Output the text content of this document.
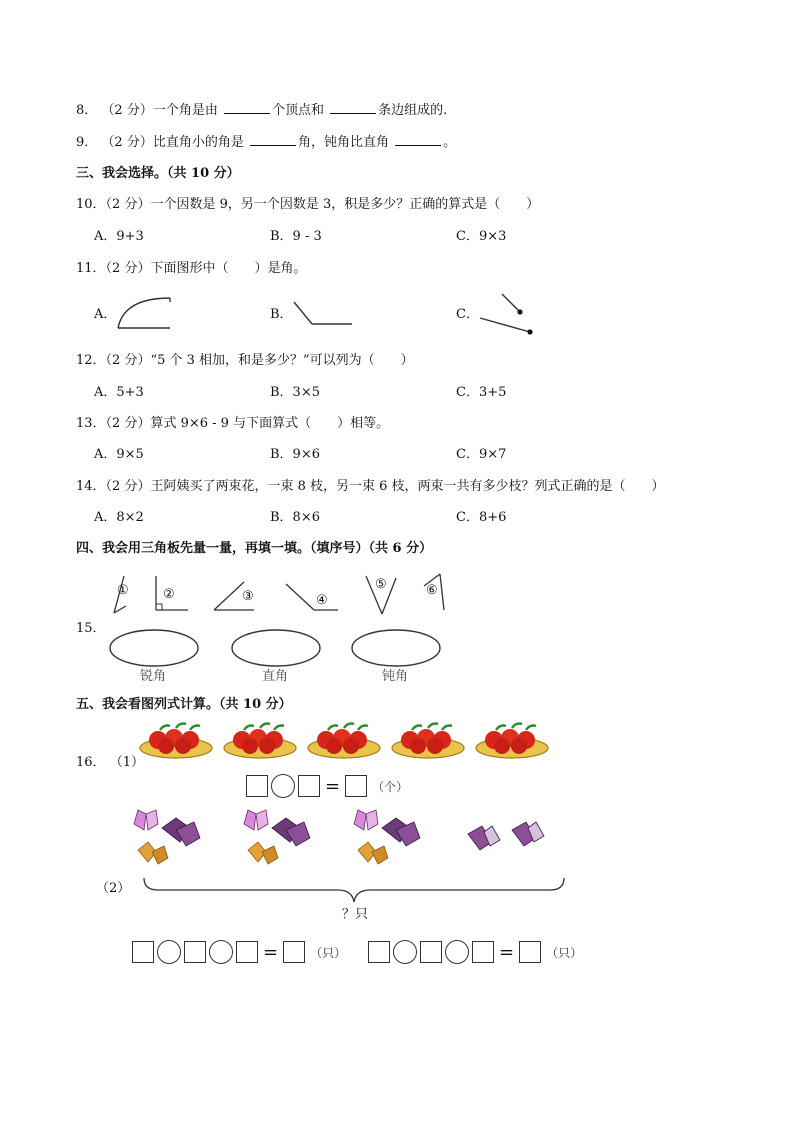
8． （2 分）一个角是由	个顶点和	条边组成的.
9． （2 分）比直角小的角是	角，钝角比直角	。
三、我会选择。（共 10 分）
10．（2 分）一个因数是 9，另一个因数是 3，积是多少？正确的算式是（　　）
A．9+3	B．9 - 3	C．9×3
11．（2 分）下面图形中（　　）是角。
A．	B．	C．
12．（2 分）“5 个 3 相加，和是多少？”可以列为（　　）
A．5+3	B．3×5	C．3+5
13．（2 分）算式 9×6 - 9 与下面算式（　　）相等。
A．9×5	B．9×6	C．9×7
14．（2 分）王阿姨买了两束花，一束 8 枝，另一束 6 枝，两束一共有多少枝？列式正确的是（　　）
A．8×2	B．8×6	C．8+6
四、我会用三角板先量一量，再填一填。（填序号）（共 6 分）
15．
①	②	③	④
⑤	⑥
锐角	直角	钝角
五、我会看图列式计算。（共 10 分）
16． （1）
=	（个）
（2）
？只
=	（只）	=	（只）
